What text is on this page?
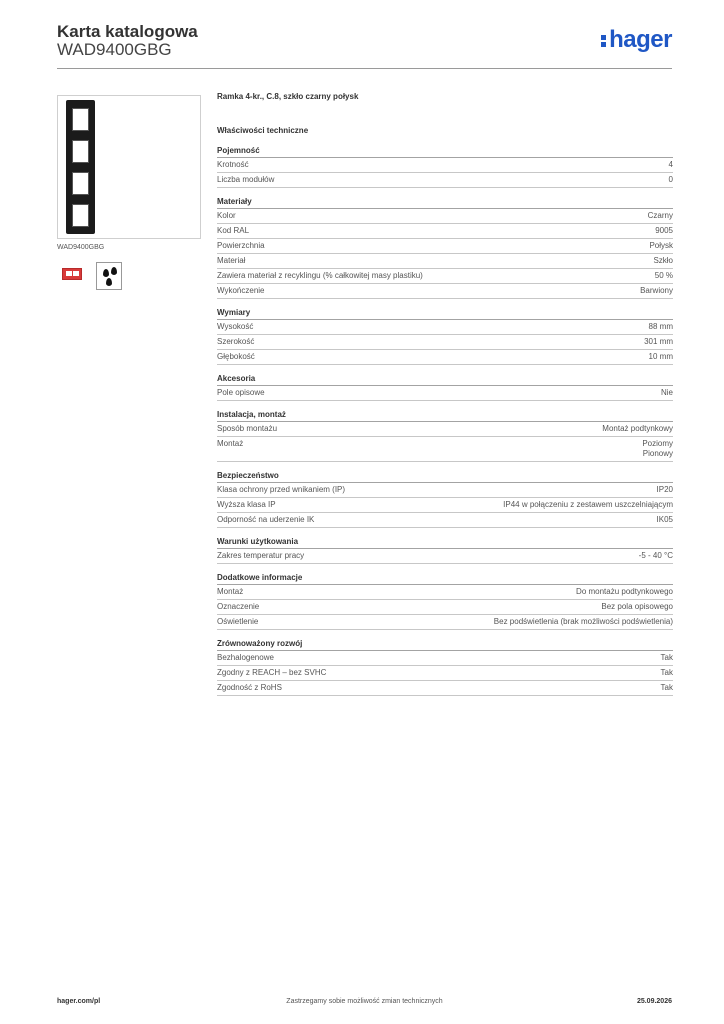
Karta katalogowa
WAD9400GBG	hager
WAD9400GBG
Ramka 4-kr., C.8, szkło czarny połysk
Właściwości techniczne
Pojemność
Krotność	4
Liczba modułów	0
Materiały
Kolor	Czarny
Kod RAL	9005
Powierzchnia	Połysk
Materiał	Szkło
Zawiera materiał z recyklingu (% całkowitej masy plastiku)	50 %
Wykończenie	Barwiony
Wymiary
Wysokość	88 mm
Szerokość	301 mm
Głębokość	10 mm
Akcesoria
Pole opisowe	Nie
Instalacja, montaż
Sposób montażu	Montaż podtynkowy
Montaż	Poziomy
Pionowy
Bezpieczeństwo
Klasa ochrony przed wnikaniem (IP)	IP20
Wyższa klasa IP	IP44 w połączeniu z zestawem uszczelniającym
Odporność na uderzenie IK	IK05
Warunki użytkowania
Zakres temperatur pracy	-5 - 40 °C
Dodatkowe informacje
Montaż	Do montażu podtynkowego
Oznaczenie	Bez pola opisowego
Oświetlenie	Bez podświetlenia (brak możliwości podświetlenia)
Zrównoważony rozwój
Bezhalogenowe	Tak
Zgodny z REACH – bez SVHC	Tak
Zgodność z RoHS	Tak
hager.com/pl	Zastrzegamy sobie możliwość zmian technicznych	25.09.2026
